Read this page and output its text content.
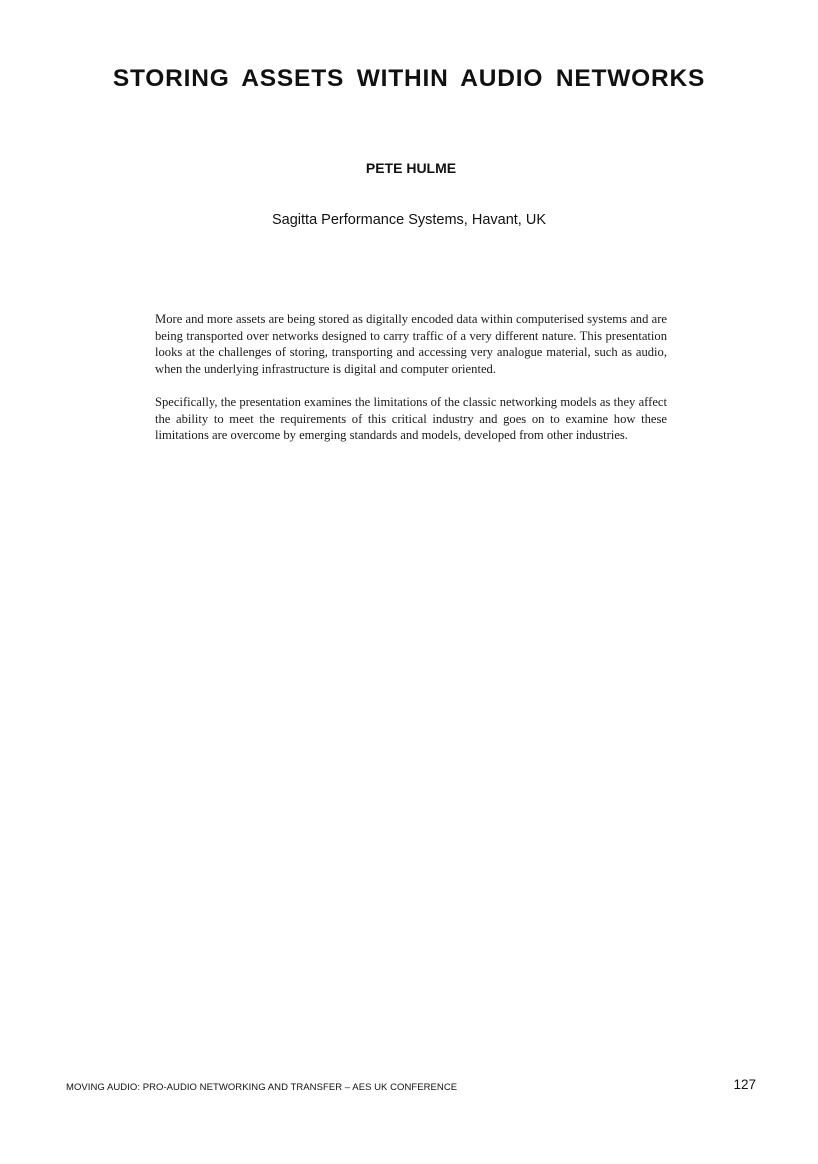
STORING ASSETS WITHIN AUDIO NETWORKS
PETE HULME
Sagitta Performance Systems, Havant, UK

More and more assets are being stored as digitally encoded data within computerised systems and are being transported over networks designed to carry traffic of a very different nature. This presentation looks at the challenges of storing, transporting and accessing very analogue material, such as audio, when the underlying infrastructure is digital and computer oriented.

Specifically, the presentation examines the limitations of the classic networking models as they affect the ability to meet the requirements of this critical industry and goes on to examine how these limitations are overcome by emerging standards and models, developed from other industries.

MOVING AUDIO: PRO-AUDIO NETWORKING AND TRANSFER – AES UK CONFERENCE	127
